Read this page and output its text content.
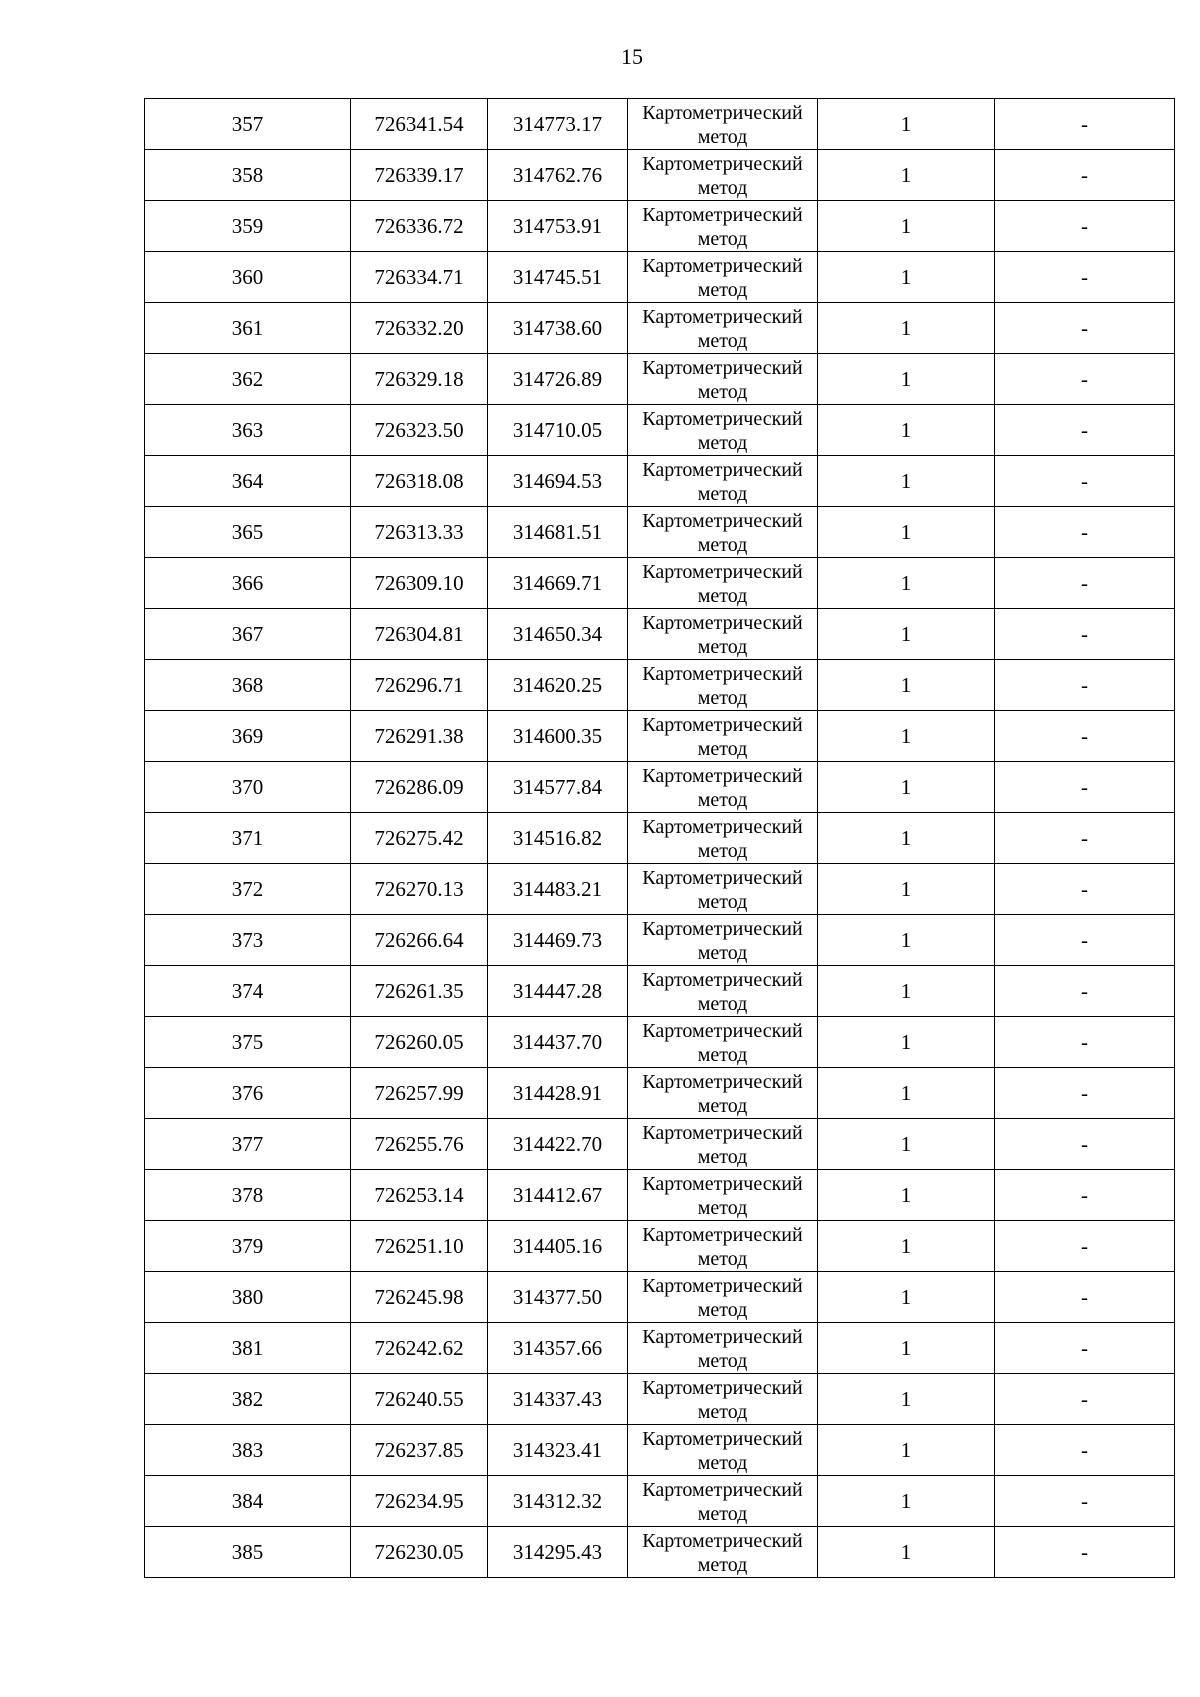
15
357	726341.54	314773.17	Картометрический
метод	1	-
358	726339.17	314762.76	Картометрический
метод	1	-
359	726336.72	314753.91	Картометрический
метод	1	-
360	726334.71	314745.51	Картометрический
метод	1	-
361	726332.20	314738.60	Картометрический
метод	1	-
362	726329.18	314726.89	Картометрический
метод	1	-
363	726323.50	314710.05	Картометрический
метод	1	-
364	726318.08	314694.53	Картометрический
метод	1	-
365	726313.33	314681.51	Картометрический
метод	1	-
366	726309.10	314669.71	Картометрический
метод	1	-
367	726304.81	314650.34	Картометрический
метод	1	-
368	726296.71	314620.25	Картометрический
метод	1	-
369	726291.38	314600.35	Картометрический
метод	1	-
370	726286.09	314577.84	Картометрический
метод	1	-
371	726275.42	314516.82	Картометрический
метод	1	-
372	726270.13	314483.21	Картометрический
метод	1	-
373	726266.64	314469.73	Картометрический
метод	1	-
374	726261.35	314447.28	Картометрический
метод	1	-
375	726260.05	314437.70	Картометрический
метод	1	-
376	726257.99	314428.91	Картометрический
метод	1	-
377	726255.76	314422.70	Картометрический
метод	1	-
378	726253.14	314412.67	Картометрический
метод	1	-
379	726251.10	314405.16	Картометрический
метод	1	-
380	726245.98	314377.50	Картометрический
метод	1	-
381	726242.62	314357.66	Картометрический
метод	1	-
382	726240.55	314337.43	Картометрический
метод	1	-
383	726237.85	314323.41	Картометрический
метод	1	-
384	726234.95	314312.32	Картометрический
метод	1	-
385	726230.05	314295.43	Картометрический
метод	1	-
